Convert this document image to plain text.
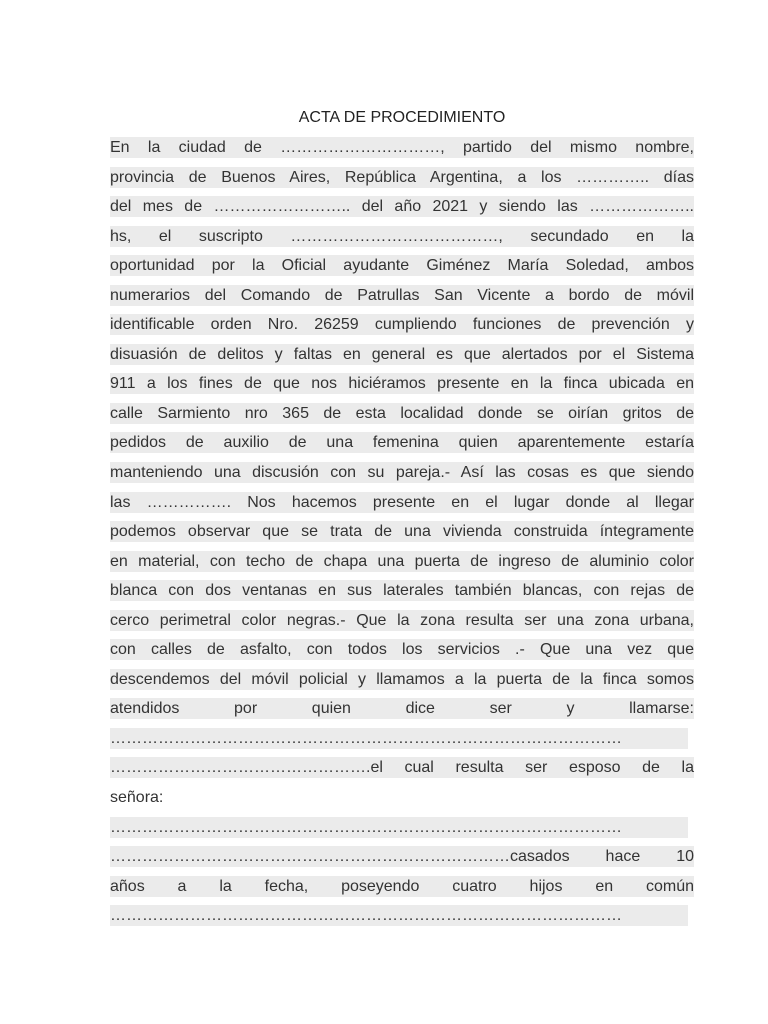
ACTA DE PROCEDIMIENTO
En la ciudad de …………………………, partido del mismo nombre,
provincia de Buenos Aires, República Argentina, a los ………….. días
del mes de …………………….. del año 2021 y siendo las ………………..
hs, el suscripto …………………………………, secundado en la
oportunidad por la Oficial ayudante Giménez María Soledad, ambos
numerarios del Comando de Patrullas San Vicente a bordo de móvil
identificable orden Nro. 26259 cumpliendo funciones de prevención y
disuasión de delitos y faltas en general es que alertados por el Sistema
911 a los fines de que nos hiciéramos presente en la finca ubicada en
calle Sarmiento nro 365 de esta localidad donde se oirían gritos de
pedidos de auxilio de una femenina quien aparentemente estaría
manteniendo una discusión con su pareja.- Así las cosas es que siendo
las ……………. Nos hacemos presente en el lugar donde al llegar
podemos observar que se trata de una vivienda construida íntegramente
en material, con techo de chapa una puerta de ingreso de aluminio color
blanca con dos ventanas en sus laterales también blancas, con rejas de
cerco perimetral color negras.- Que la zona resulta ser una zona urbana,
con calles de asfalto, con todos los servicios .- Que una vez que
descendemos del móvil policial y llamamos a la puerta de la finca somos
atendidos por quien dice ser y llamarse:
……………………………………………………………………………………
………………………………………….el cual resulta ser esposo de la
señora:
……………………………………………………………………………………
…………………………………………………………………casados hace 10
años a la fecha, poseyendo cuatro hijos en común
……………………………………………………………………………………
